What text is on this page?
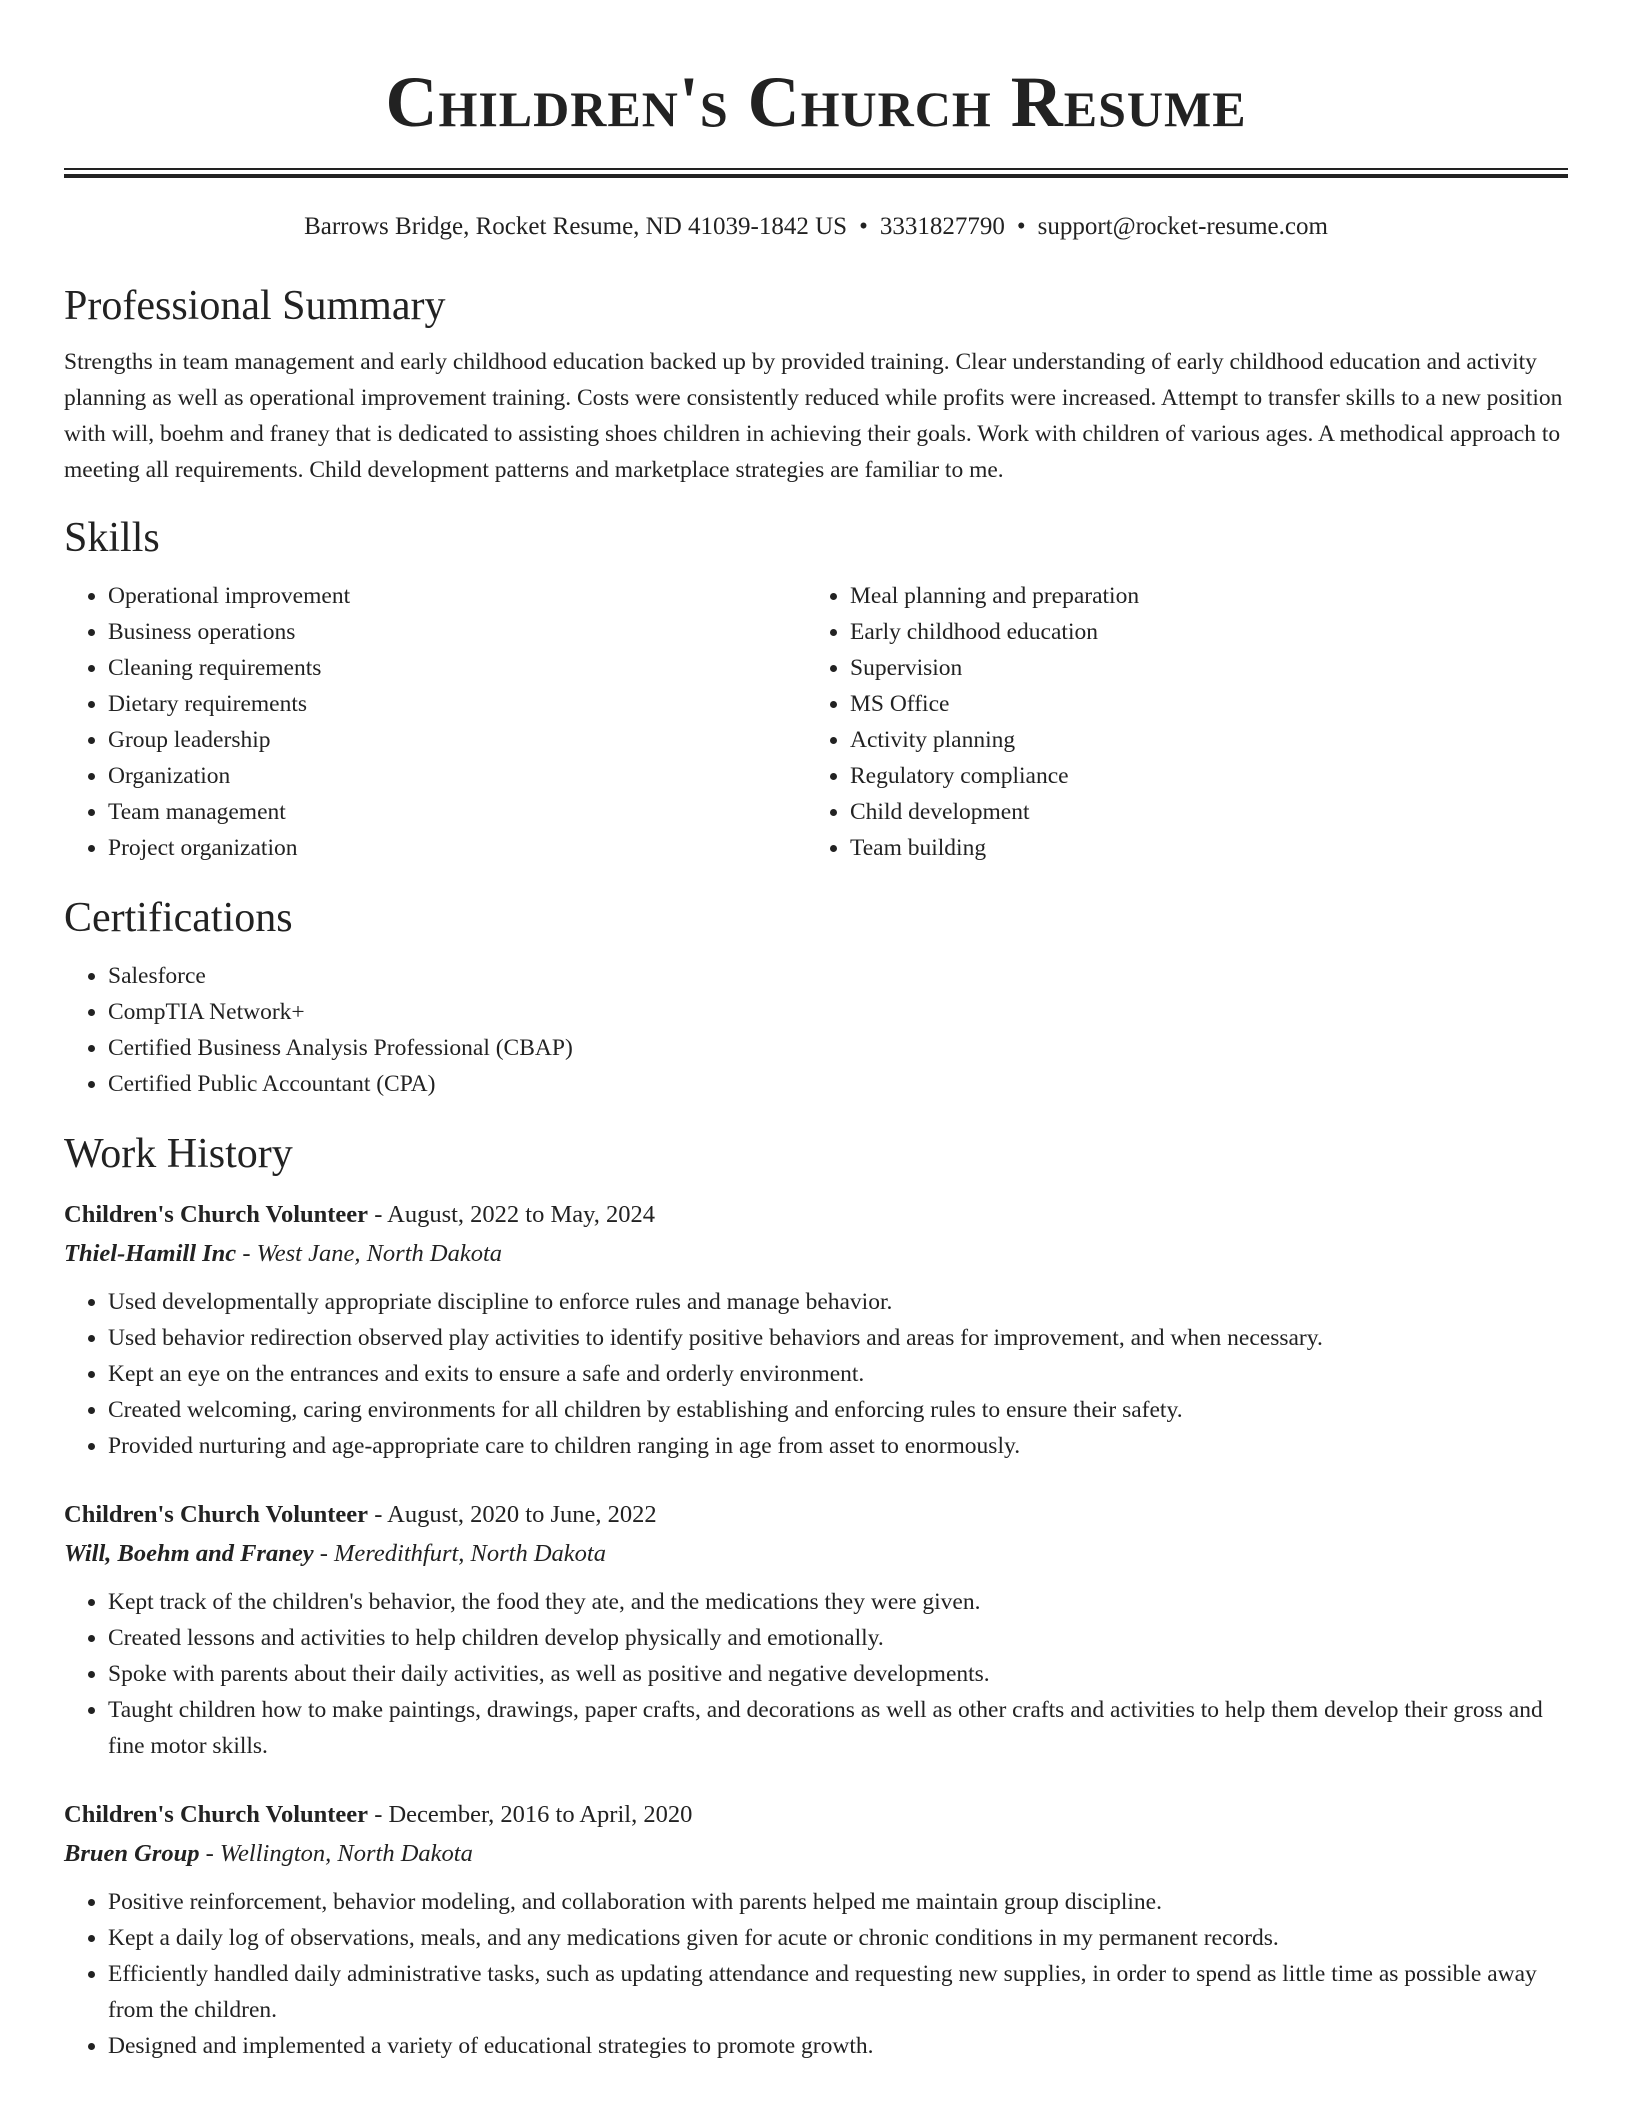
Children's Church Resume
Barrows Bridge, Rocket Resume, ND 41039-1842 US • 3331827790 • support@rocket-resume.com
Professional Summary

Strengths in team management and early childhood education backed up by provided training. Clear understanding of early childhood education and activity planning as well as operational improvement training. Costs were consistently reduced while profits were increased. Attempt to transfer skills to a new position with will, boehm and franey that is dedicated to assisting shoes children in achieving their goals. Work with children of various ages. A methodical approach to meeting all requirements. Child development patterns and marketplace strategies are familiar to me.

Skills
• Operational improvement
• Business operations
• Cleaning requirements
• Dietary requirements
• Group leadership
• Organization
• Team management
• Project organization
• Meal planning and preparation
• Early childhood education
• Supervision
• MS Office
• Activity planning
• Regulatory compliance
• Child development
• Team building
Certifications
• Salesforce
• CompTIA Network+
• Certified Business Analysis Professional (CBAP)
• Certified Public Accountant (CPA)
Work History
Children's Church Volunteer - August, 2022 to May, 2024
Thiel-Hamill Inc - West Jane, North Dakota
• Used developmentally appropriate discipline to enforce rules and manage behavior.
• Used behavior redirection observed play activities to identify positive behaviors and areas for improvement, and when necessary.
• Kept an eye on the entrances and exits to ensure a safe and orderly environment.
• Created welcoming, caring environments for all children by establishing and enforcing rules to ensure their safety.
• Provided nurturing and age-appropriate care to children ranging in age from asset to enormously.
Children's Church Volunteer - August, 2020 to June, 2022
Will, Boehm and Franey - Meredithfurt, North Dakota
• Kept track of the children's behavior, the food they ate, and the medications they were given.
• Created lessons and activities to help children develop physically and emotionally.
• Spoke with parents about their daily activities, as well as positive and negative developments.
• Taught children how to make paintings, drawings, paper crafts, and decorations as well as other crafts and activities to help them develop their gross and fine motor skills.
Children's Church Volunteer - December, 2016 to April, 2020
Bruen Group - Wellington, North Dakota
• Positive reinforcement, behavior modeling, and collaboration with parents helped me maintain group discipline.
• Kept a daily log of observations, meals, and any medications given for acute or chronic conditions in my permanent records.
• Efficiently handled daily administrative tasks, such as updating attendance and requesting new supplies, in order to spend as little time as possible away from the children.
• Designed and implemented a variety of educational strategies to promote growth.
